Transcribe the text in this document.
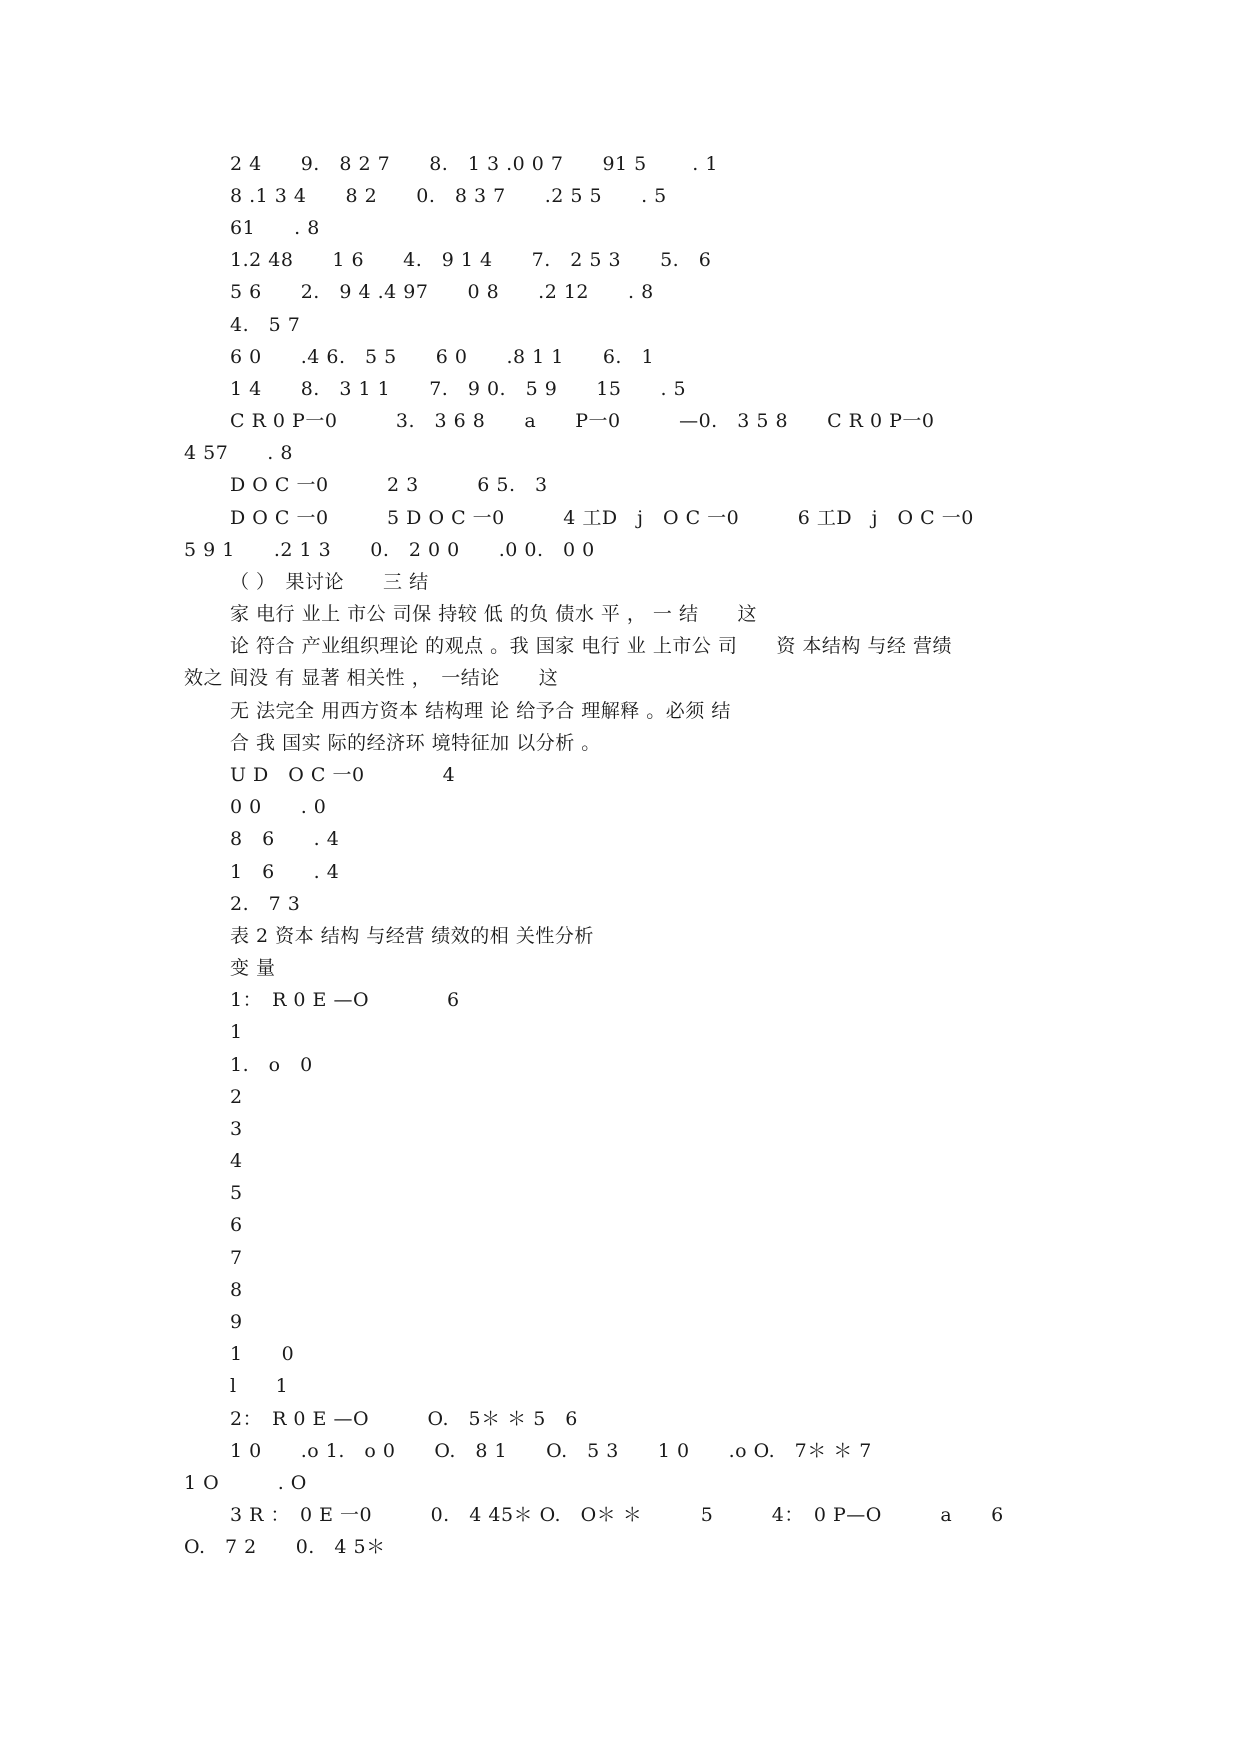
2 4　　9.　8 2 7　　8.　1 3 .0 0 7　　91 5　　 . 1
8 .1 3 4　　8 2　　0.　8 3 7　　.2 5 5　　. 5
61　　. 8
1.2 48　　1 6　　4.　9 1 4　　7.　2 5 3　　5.　6
5 6　　2.　9 4 .4 97　　0 8　　.2 12　　. 8
4.　5 7
6 0　　.4 6.　5 5　　6 0　　.8 1 1　　6.　1
1 4　　8.　3 1 1　　7.　9 0.　5 9　　15　　. 5
C R 0 P一0　　　3.　3 6 8　　a　　P一0　　　—0.　3 5 8　　C R 0 P一0
4 57　　. 8
D O C 一0　　　2 3　　　6 5.　3
D O C 一0　　　5 D O C 一0　　　4 工D　j　O C 一0　　　6 工D　j　O C 一0
5 9 1　　.2 1 3　　0.　2 0 0　　.0 0.　0 0
（ ）　果讨论　　三 结
家 电行 业上 市公 司保 持较 低 的负 债水 平 ， 一 结　　这
论 符合 产业组织理论 的观点 。我 国家 电行 业 上市公 司　　资 本结构 与经 营绩
效之 间没 有 显著 相关性 ，　一结论　　这
无 法完全 用西方资本 结构理 论 给予合 理解释 。必须 结
合 我 国实 际的经济环 境特征加 以分析 。
U D　O C 一0　　　　4
0 0　　. 0
8　6　　. 4
1　6　　. 4
2.　7 3
表 2 资本 结构 与经营 绩效的相 关性分析
变 量
1：　R 0 E —O　　　　6
1
1.　o　0
2
3
4
5
6
7
8
9
1　　0
l　　1
2：　R 0 E —O　　　O.　5＊ ＊ 5　6
1 0　　.o 1.　o 0　　O.　8 1　　O.　5 3　　1 0　　.o O.　7＊ ＊ 7
1 O　　　. O
3 R ：　0 E 一0　　　0.　4 45＊ O.　O＊ ＊　　　5　　　4：　0 P—O　　　a　　6
O.　7 2　　0.　4 5＊
